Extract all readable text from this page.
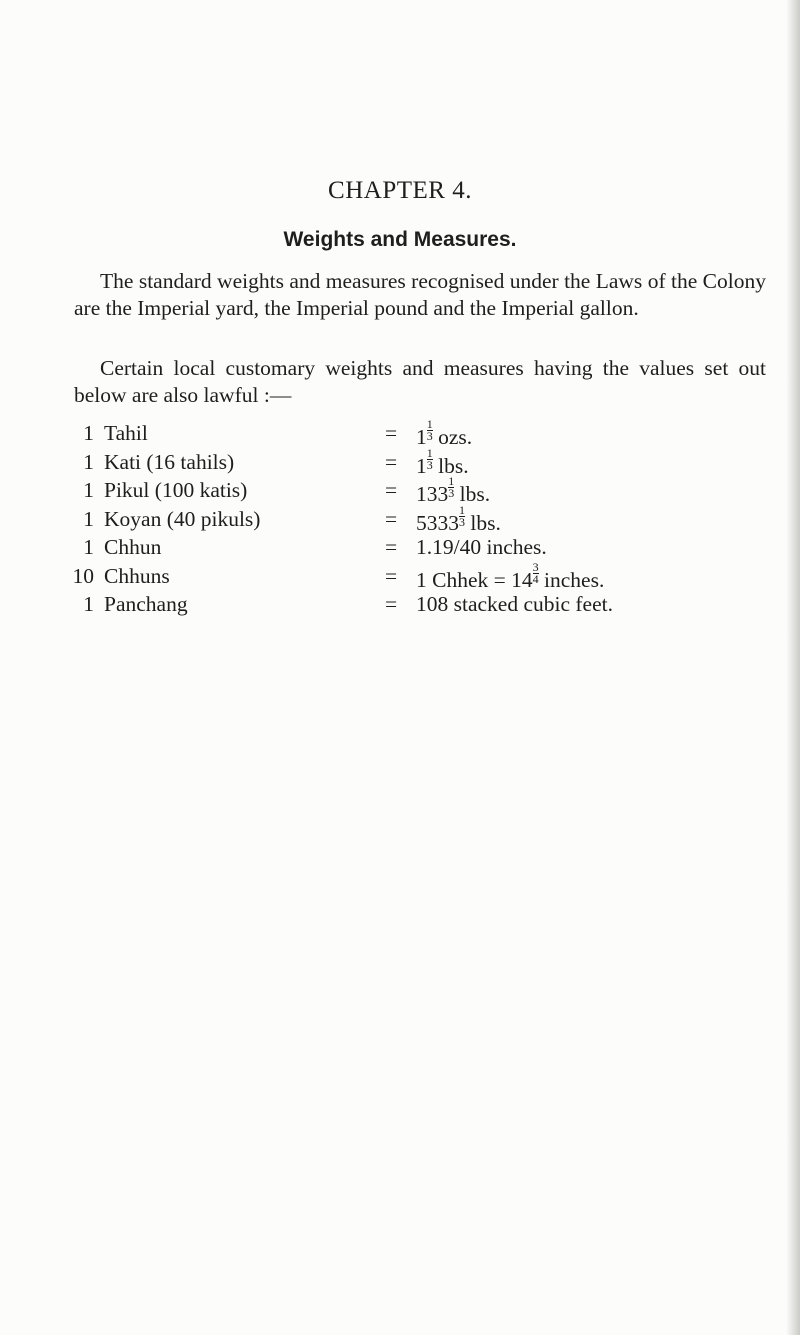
CHAPTER 4.
Weights and Measures.

The standard weights and measures recognised under the Laws of the Colony are the Imperial yard, the Imperial pound and the Imperial gallon.

Certain local customary weights and measures having the values set out below are also lawful :—

1 Tahil	= $1 \frac{1}{3}$ ozs.
1 Kati (16 tahils)	= $1 \frac{1}{3}$ lbs.
1 Pikul (100 katis)	= $133 \frac{1}{3}$ lbs.
1 Koyan (40 pikuls)	= $5333 \frac{1}{3}$ lbs.
1 Chhun	= 1.19/40 inches.
10 Chhuns	= 1 Chhek = $14 \frac{3}{4}$ inches.
1 Panchang	= 108 stacked cubic feet.
